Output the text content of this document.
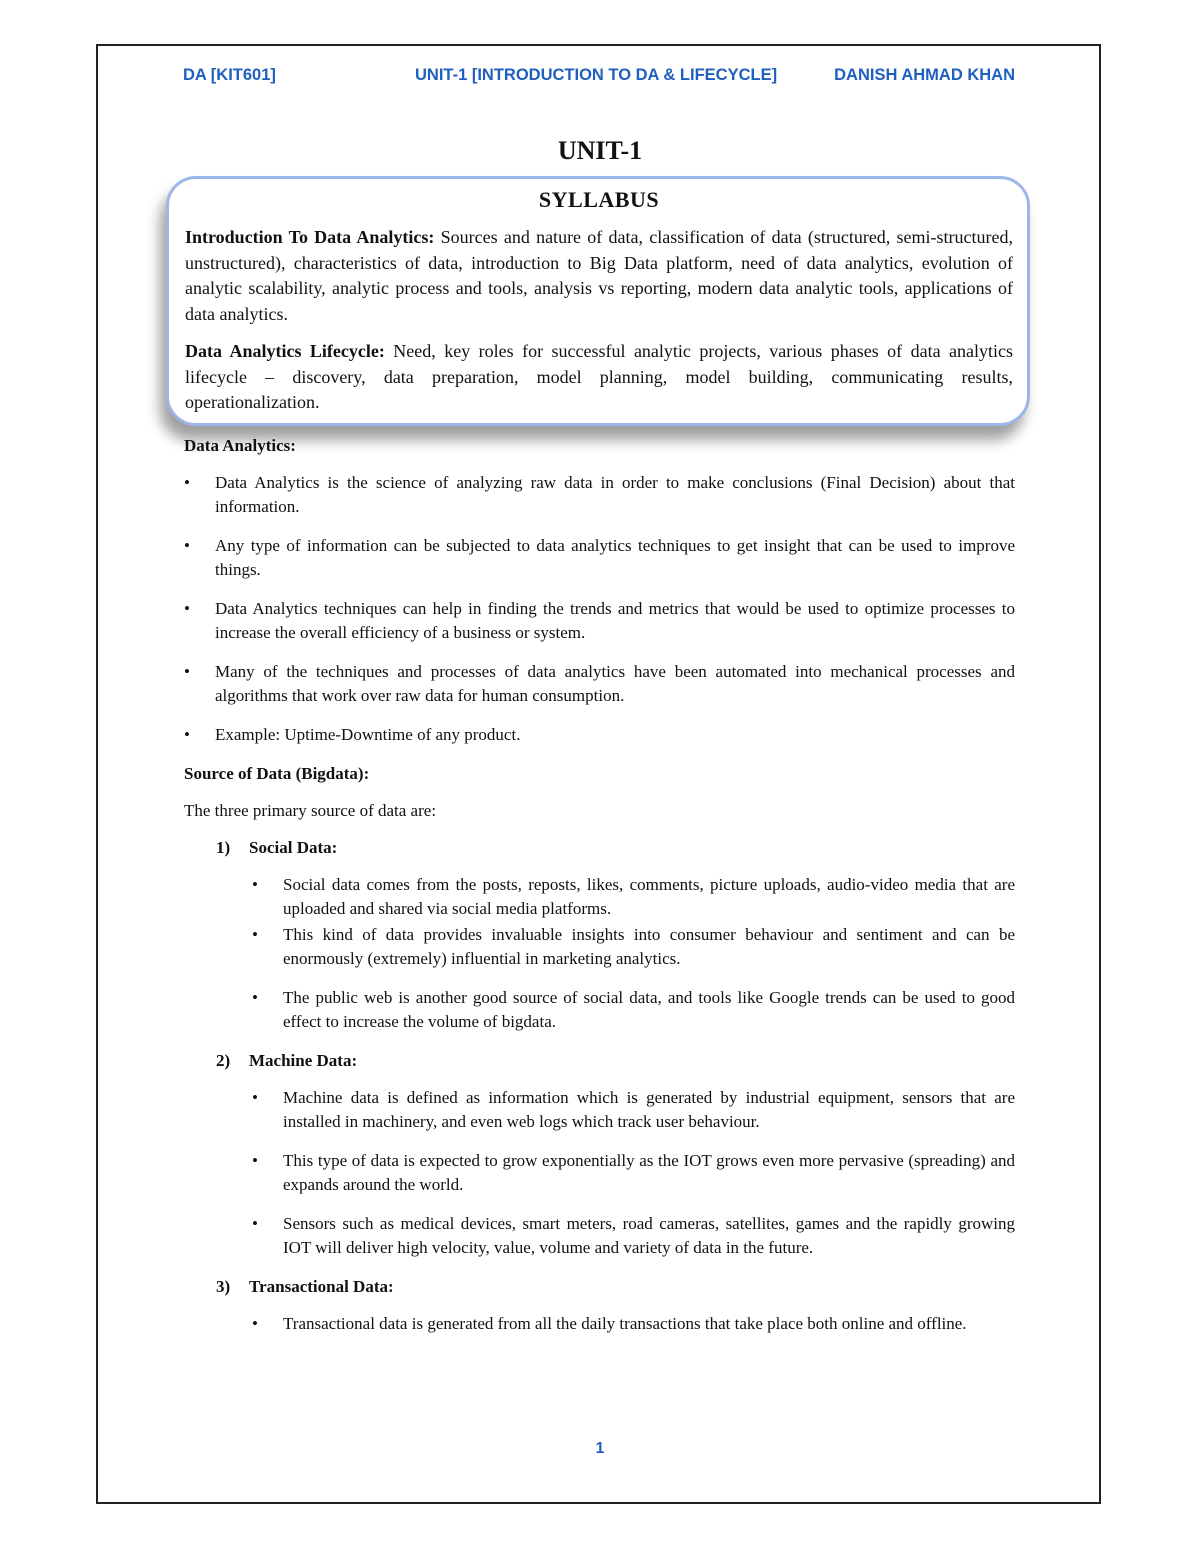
DA [KIT601]	UNIT-1 [INTRODUCTION TO DA & LIFECYCLE]	DANISH AHMAD KHAN
UNIT-1
SYLLABUS

Introduction To Data Analytics: Sources and nature of data, classification of data (structured, semi-structured, unstructured), characteristics of data, introduction to Big Data platform, need of data analytics, evolution of analytic scalability, analytic process and tools, analysis vs reporting, modern data analytic tools, applications of data analytics.

Data Analytics Lifecycle: Need, key roles for successful analytic projects, various phases of data analytics lifecycle – discovery, data preparation, model planning, model building, communicating results, operationalization.

Data Analytics:
• Data Analytics is the science of analyzing raw data in order to make conclusions (Final Decision) about that information.
• Any type of information can be subjected to data analytics techniques to get insight that can be used to improve things.
• Data Analytics techniques can help in finding the trends and metrics that would be used to optimize processes to increase the overall efficiency of a business or system.
• Many of the techniques and processes of data analytics have been automated into mechanical processes and algorithms that work over raw data for human consumption.
• Example: Uptime-Downtime of any product.
Source of Data (Bigdata):
The three primary source of data are:
1) Social Data:
• Social data comes from the posts, reposts, likes, comments, picture uploads, audio-video media that are uploaded and shared via social media platforms.
• This kind of data provides invaluable insights into consumer behaviour and sentiment and can be enormously (extremely) influential in marketing analytics.
• The public web is another good source of social data, and tools like Google trends can be used to good effect to increase the volume of bigdata.
2) Machine Data:
• Machine data is defined as information which is generated by industrial equipment, sensors that are installed in machinery, and even web logs which track user behaviour.
• This type of data is expected to grow exponentially as the IOT grows even more pervasive (spreading) and expands around the world.
• Sensors such as medical devices, smart meters, road cameras, satellites, games and the rapidly growing IOT will deliver high velocity, value, volume and variety of data in the future.
3) Transactional Data:
• Transactional data is generated from all the daily transactions that take place both online and offline.
1
